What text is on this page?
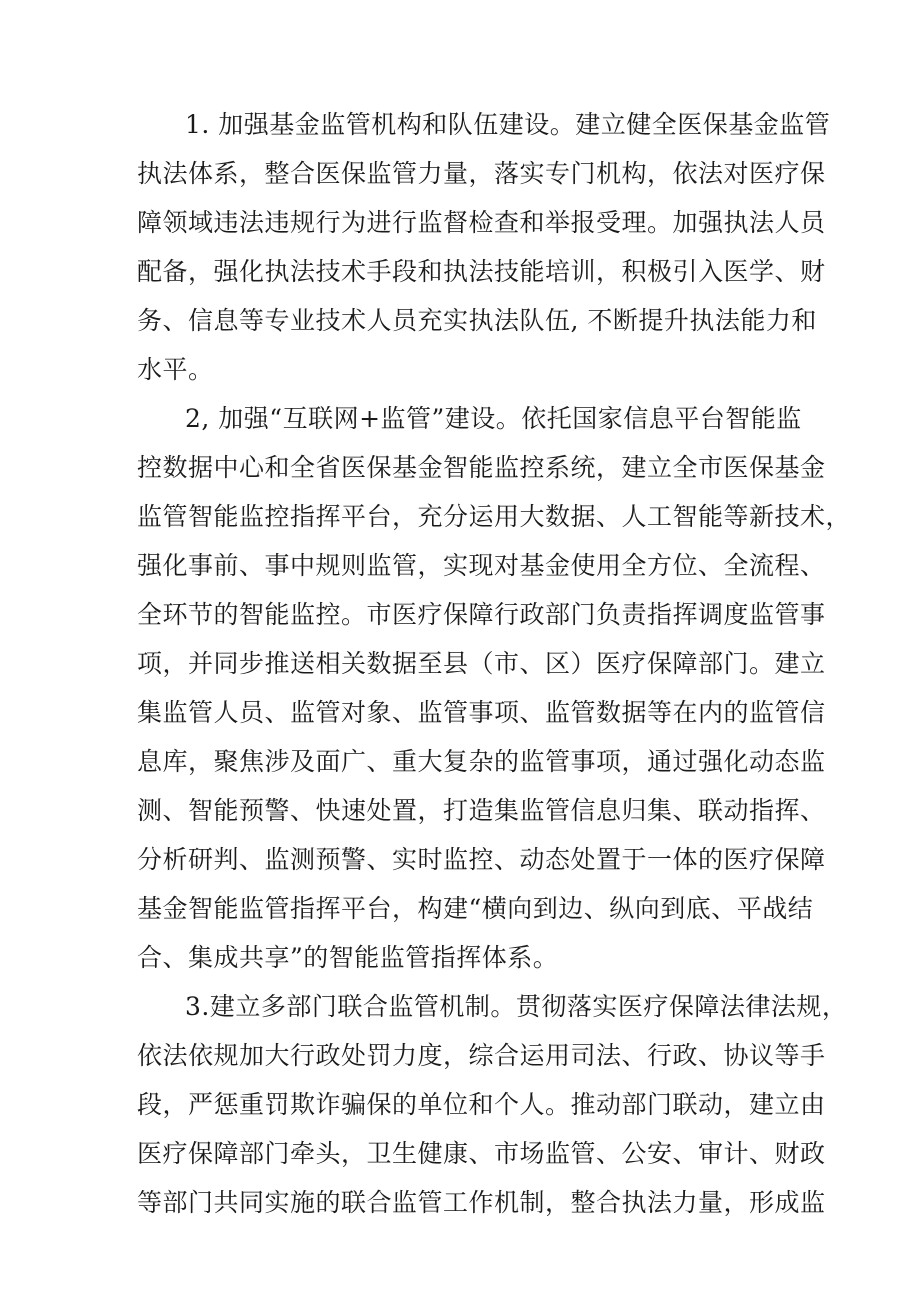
1. 加强基金监管机构和队伍建设。建立健全医保基金监管
执法体系，整合医保监管力量，落实专门机构，依法对医疗保
障领域违法违规行为进行监督检查和举报受理。加强执法人员
配备，强化执法技术手段和执法技能培训，积极引入医学、财
务、信息等专业技术人员充实执法队伍, 不断提升执法能力和
水平。
2, 加强“互联网+监管”建设。依托国家信息平台智能监
控数据中心和全省医保基金智能监控系统，建立全市医保基金
监管智能监控指挥平台，充分运用大数据、人工智能等新技术，
强化事前、事中规则监管，实现对基金使用全方位、全流程、
全环节的智能监控。市医疗保障行政部门负责指挥调度监管事
项，并同步推送相关数据至县（市、区）医疗保障部门。建立
集监管人员、监管对象、监管事项、监管数据等在内的监管信
息库，聚焦涉及面广、重大复杂的监管事项，通过强化动态监
测、智能预警、快速处置，打造集监管信息归集、联动指挥、
分析研判、监测预警、实时监控、动态处置于一体的医疗保障
基金智能监管指挥平台，构建“横向到边、纵向到底、平战结
合、集成共享”的智能监管指挥体系。
3.建立多部门联合监管机制。贯彻落实医疗保障法律法规，
依法依规加大行政处罚力度，综合运用司法、行政、协议等手
段，严惩重罚欺诈骗保的单位和个人。推动部门联动，建立由
医疗保障部门牵头，卫生健康、市场监管、公安、审计、财政
等部门共同实施的联合监管工作机制，整合执法力量，形成监
